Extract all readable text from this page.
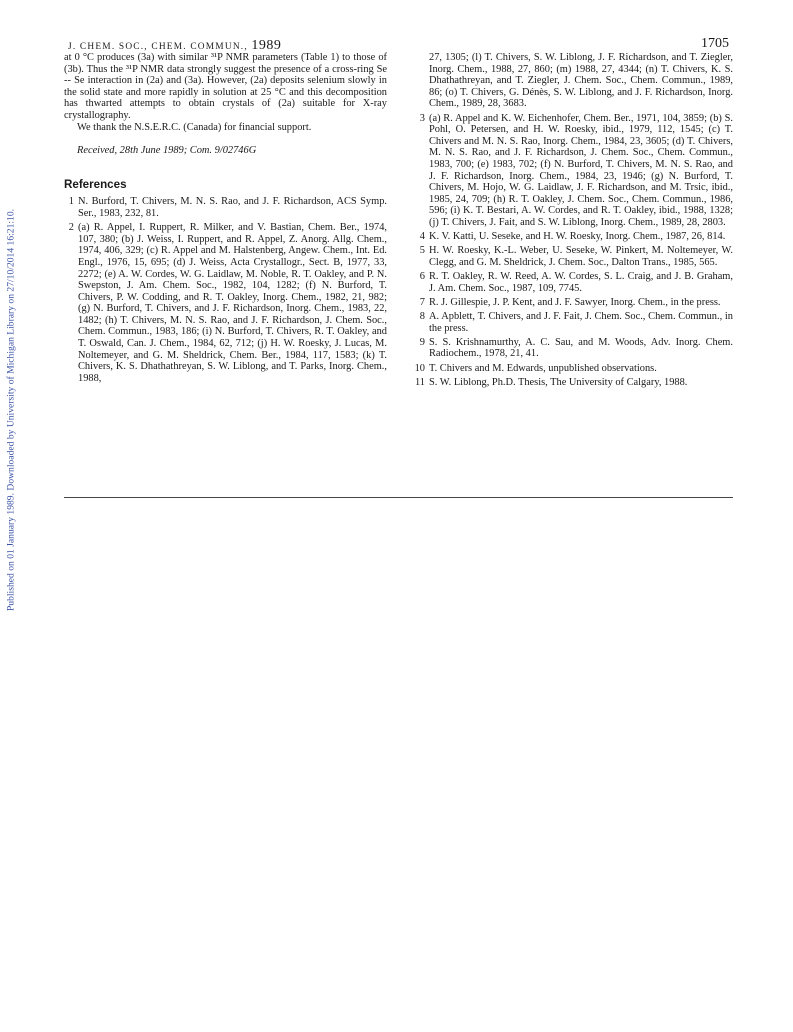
Published on 01 January 1989. Downloaded by University of Michigan Library on 27/10/2014 16:21:10.
J. CHEM. SOC., CHEM. COMMUN., 1989	1705

at 0 °C produces (3a) with similar ³¹P NMR parameters (Table 1) to those of (3b). Thus the ³¹P NMR data strongly suggest the presence of a cross-ring Se -- Se interaction in (2a) and (3a). However, (2a) deposits selenium slowly in the solid state and more rapidly in solution at 25 °C and this decomposition has thwarted attempts to obtain crystals of (2a) suitable for X-ray crystallography.

We thank the N.S.E.R.C. (Canada) for financial support.

Received, 28th June 1989; Com. 9/02746G

References
1 N. Burford, T. Chivers, M. N. S. Rao, and J. F. Richardson, ACS Symp. Ser., 1983, 232, 81.
2 (a) R. Appel, I. Ruppert, R. Milker, and V. Bastian, Chem. Ber., 1974, 107, 380; (b) J. Weiss, I. Ruppert, and R. Appel, Z. Anorg. Allg. Chem., 1974, 406, 329; (c) R. Appel and M. Halstenberg, Angew. Chem., Int. Ed. Engl., 1976, 15, 695; (d) J. Weiss, Acta Crystallogr., Sect. B, 1977, 33, 2272; (e) A. W. Cordes, W. G. Laidlaw, M. Noble, R. T. Oakley, and P. N. Swepston, J. Am. Chem. Soc., 1982, 104, 1282; (f) N. Burford, T. Chivers, P. W. Codding, and R. T. Oakley, Inorg. Chem., 1982, 21, 982; (g) N. Burford, T. Chivers, and J. F. Richardson, Inorg. Chem., 1983, 22, 1482; (h) T. Chivers, M. N. S. Rao, and J. F. Richardson, J. Chem. Soc., Chem. Commun., 1983, 186; (i) N. Burford, T. Chivers, R. T. Oakley, and T. Oswald, Can. J. Chem., 1984, 62, 712; (j) H. W. Roesky, J. Lucas, M. Noltemeyer, and G. M. Sheldrick, Chem. Ber., 1984, 117, 1583; (k) T. Chivers, K. S. Dhathathreyan, S. W. Liblong, and T. Parks, Inorg. Chem., 1988,
27, 1305; (l) T. Chivers, S. W. Liblong, J. F. Richardson, and T. Ziegler, Inorg. Chem., 1988, 27, 860; (m) 1988, 27, 4344; (n) T. Chivers, K. S. Dhathathreyan, and T. Ziegler, J. Chem. Soc., Chem. Commun., 1989, 86; (o) T. Chivers, G. Dénès, S. W. Liblong, and J. F. Richardson, Inorg. Chem., 1989, 28, 3683.
3 (a) R. Appel and K. W. Eichenhofer, Chem. Ber., 1971, 104, 3859; (b) S. Pohl, O. Petersen, and H. W. Roesky, ibid., 1979, 112, 1545; (c) T. Chivers and M. N. S. Rao, Inorg. Chem., 1984, 23, 3605; (d) T. Chivers, M. N. S. Rao, and J. F. Richardson, J. Chem. Soc., Chem. Commun., 1983, 700; (e) 1983, 702; (f) N. Burford, T. Chivers, M. N. S. Rao, and J. F. Richardson, Inorg. Chem., 1984, 23, 1946; (g) N. Burford, T. Chivers, M. Hojo, W. G. Laidlaw, J. F. Richardson, and M. Trsic, ibid., 1985, 24, 709; (h) R. T. Oakley, J. Chem. Soc., Chem. Commun., 1986, 596; (i) K. T. Bestari, A. W. Cordes, and R. T. Oakley, ibid., 1988, 1328; (j) T. Chivers, J. Fait, and S. W. Liblong, Inorg. Chem., 1989, 28, 2803.
4 K. V. Katti, U. Seseke, and H. W. Roesky, Inorg. Chem., 1987, 26, 814.
5 H. W. Roesky, K.-L. Weber, U. Seseke, W. Pinkert, M. Noltemeyer, W. Clegg, and G. M. Sheldrick, J. Chem. Soc., Dalton Trans., 1985, 565.
6 R. T. Oakley, R. W. Reed, A. W. Cordes, S. L. Craig, and J. B. Graham, J. Am. Chem. Soc., 1987, 109, 7745.
7 R. J. Gillespie, J. P. Kent, and J. F. Sawyer, Inorg. Chem., in the press.
8 A. Apblett, T. Chivers, and J. F. Fait, J. Chem. Soc., Chem. Commun., in the press.
9 S. S. Krishnamurthy, A. C. Sau, and M. Woods, Adv. Inorg. Chem. Radiochem., 1978, 21, 41.
10 T. Chivers and M. Edwards, unpublished observations.
11 S. W. Liblong, Ph.D. Thesis, The University of Calgary, 1988.
